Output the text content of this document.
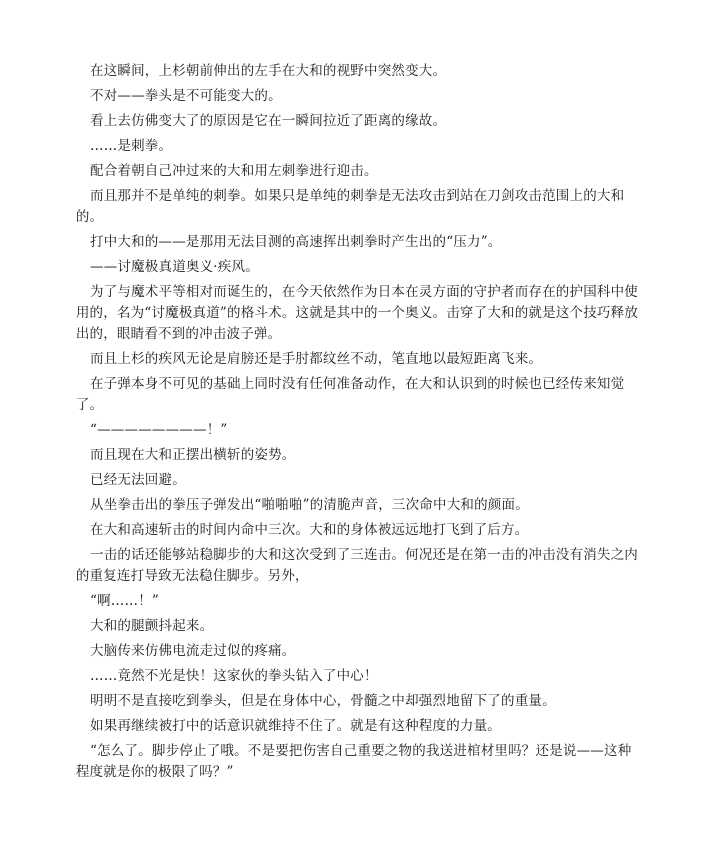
在这瞬间，上杉朝前伸出的左手在大和的视野中突然变大。

不对——拳头是不可能变大的。

看上去仿佛变大了的原因是它在一瞬间拉近了距离的缘故。

……是刺拳。

配合着朝自己冲过来的大和用左刺拳进行迎击。

而且那并不是单纯的刺拳。如果只是单纯的刺拳是无法攻击到站在刀剑攻击范围上的大和的。

打中大和的——是那用无法目测的高速挥出刺拳时产生出的“压力”。

——讨魔极真道奥义·疾风。

为了与魔术平等相对而诞生的，在今天依然作为日本在灵方面的守护者而存在的护国科中使用的，名为“讨魔极真道”的格斗术。这就是其中的一个奥义。击穿了大和的就是这个技巧释放出的，眼睛看不到的冲击波子弹。

而且上杉的疾风无论是肩膀还是手肘都纹丝不动，笔直地以最短距离飞来。

在子弹本身不可见的基础上同时没有任何准备动作，在大和认识到的时候也已经传来知觉了。

“————————！”

而且现在大和正摆出横斩的姿势。

已经无法回避。

从坐拳击出的拳压子弹发出“啪啪啪”的清脆声音，三次命中大和的颜面。

在大和高速斩击的时间内命中三次。大和的身体被远远地打飞到了后方。

一击的话还能够站稳脚步的大和这次受到了三连击。何况还是在第一击的冲击没有消失之内的重复连打导致无法稳住脚步。另外，

“啊……！”

大和的腿颤抖起来。

大脑传来仿佛电流走过似的疼痛。

……竟然不光是快！这家伙的拳头钻入了中心！

明明不是直接吃到拳头，但是在身体中心，骨髓之中却强烈地留下了的重量。

如果再继续被打中的话意识就维持不住了。就是有这种程度的力量。

“怎么了。脚步停止了哦。不是要把伤害自己重要之物的我送进棺材里吗？还是说——这种程度就是你的极限了吗？”
